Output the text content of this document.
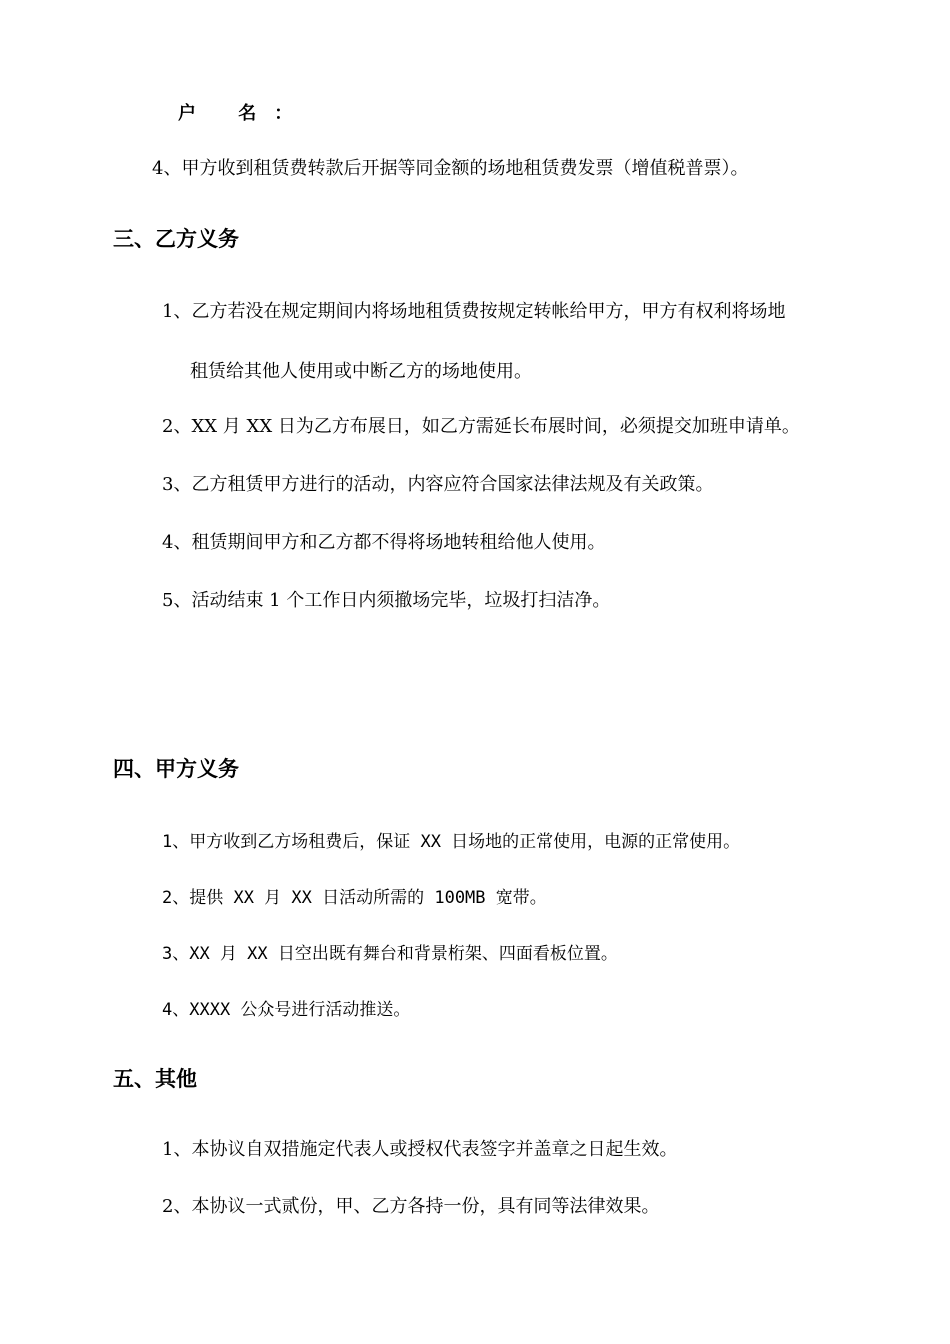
户 名：
4、甲方收到租赁费转款后开据等同金额的场地租赁费发票（增值税普票）。
三、乙方义务
1、乙方若没在规定期间内将场地租赁费按规定转帐给甲方，甲方有权利将场地
租赁给其他人使用或中断乙方的场地使用。
2、XX 月 XX 日为乙方布展日，如乙方需延长布展时间，必须提交加班申请单。
3、乙方租赁甲方进行的活动，内容应符合国家法律法规及有关政策。
4、租赁期间甲方和乙方都不得将场地转租给他人使用。
5、活动结束 1 个工作日内须撤场完毕，垃圾打扫洁净。
四、甲方义务
1、甲方收到乙方场租费后，保证 XX 日场地的正常使用，电源的正常使用。
2、提供 XX 月 XX 日活动所需的 100MB 宽带。
3、XX 月 XX 日空出既有舞台和背景桁架、四面看板位置。
4、XXXX 公众号进行活动推送。
五、其他
1、本协议自双措施定代表人或授权代表签字并盖章之日起生效。
2、本协议一式贰份，甲、乙方各持一份，具有同等法律效果。
